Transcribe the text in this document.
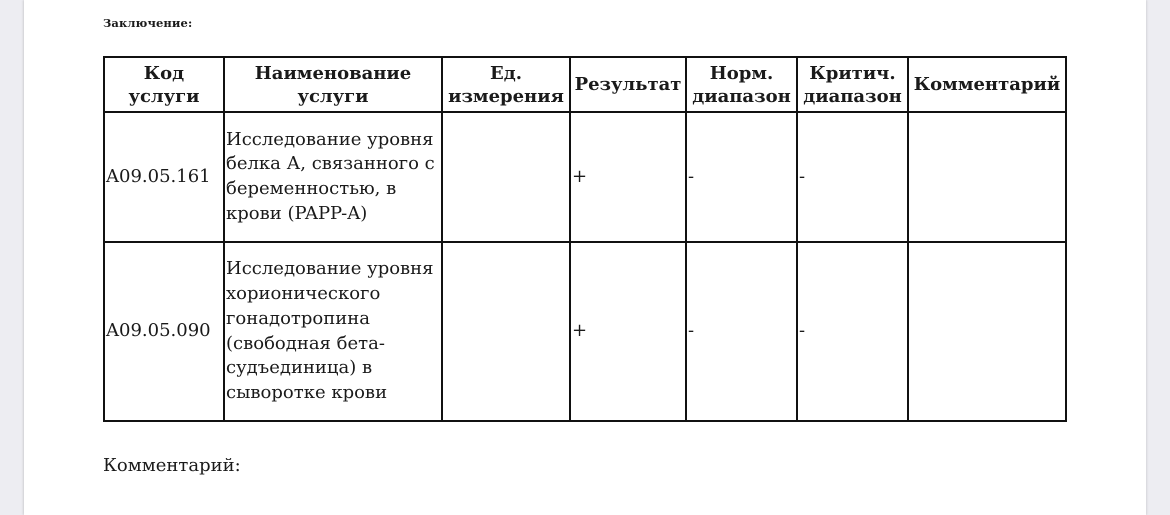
Заключение:
Код услуги	Наименование услуги	Ед. измерения	Результат	Норм. диапазон	Критич. диапазон	Комментарий
A09.05.161	Исследование уровня белка А, связанного с беременностью, в крови (PAPP-A)		+	-	-	
A09.05.090	Исследование уровня хорионического гонадотропина (свободная бета-судъединица) в сыворотке крови		+	-	-	
Комментарий:
